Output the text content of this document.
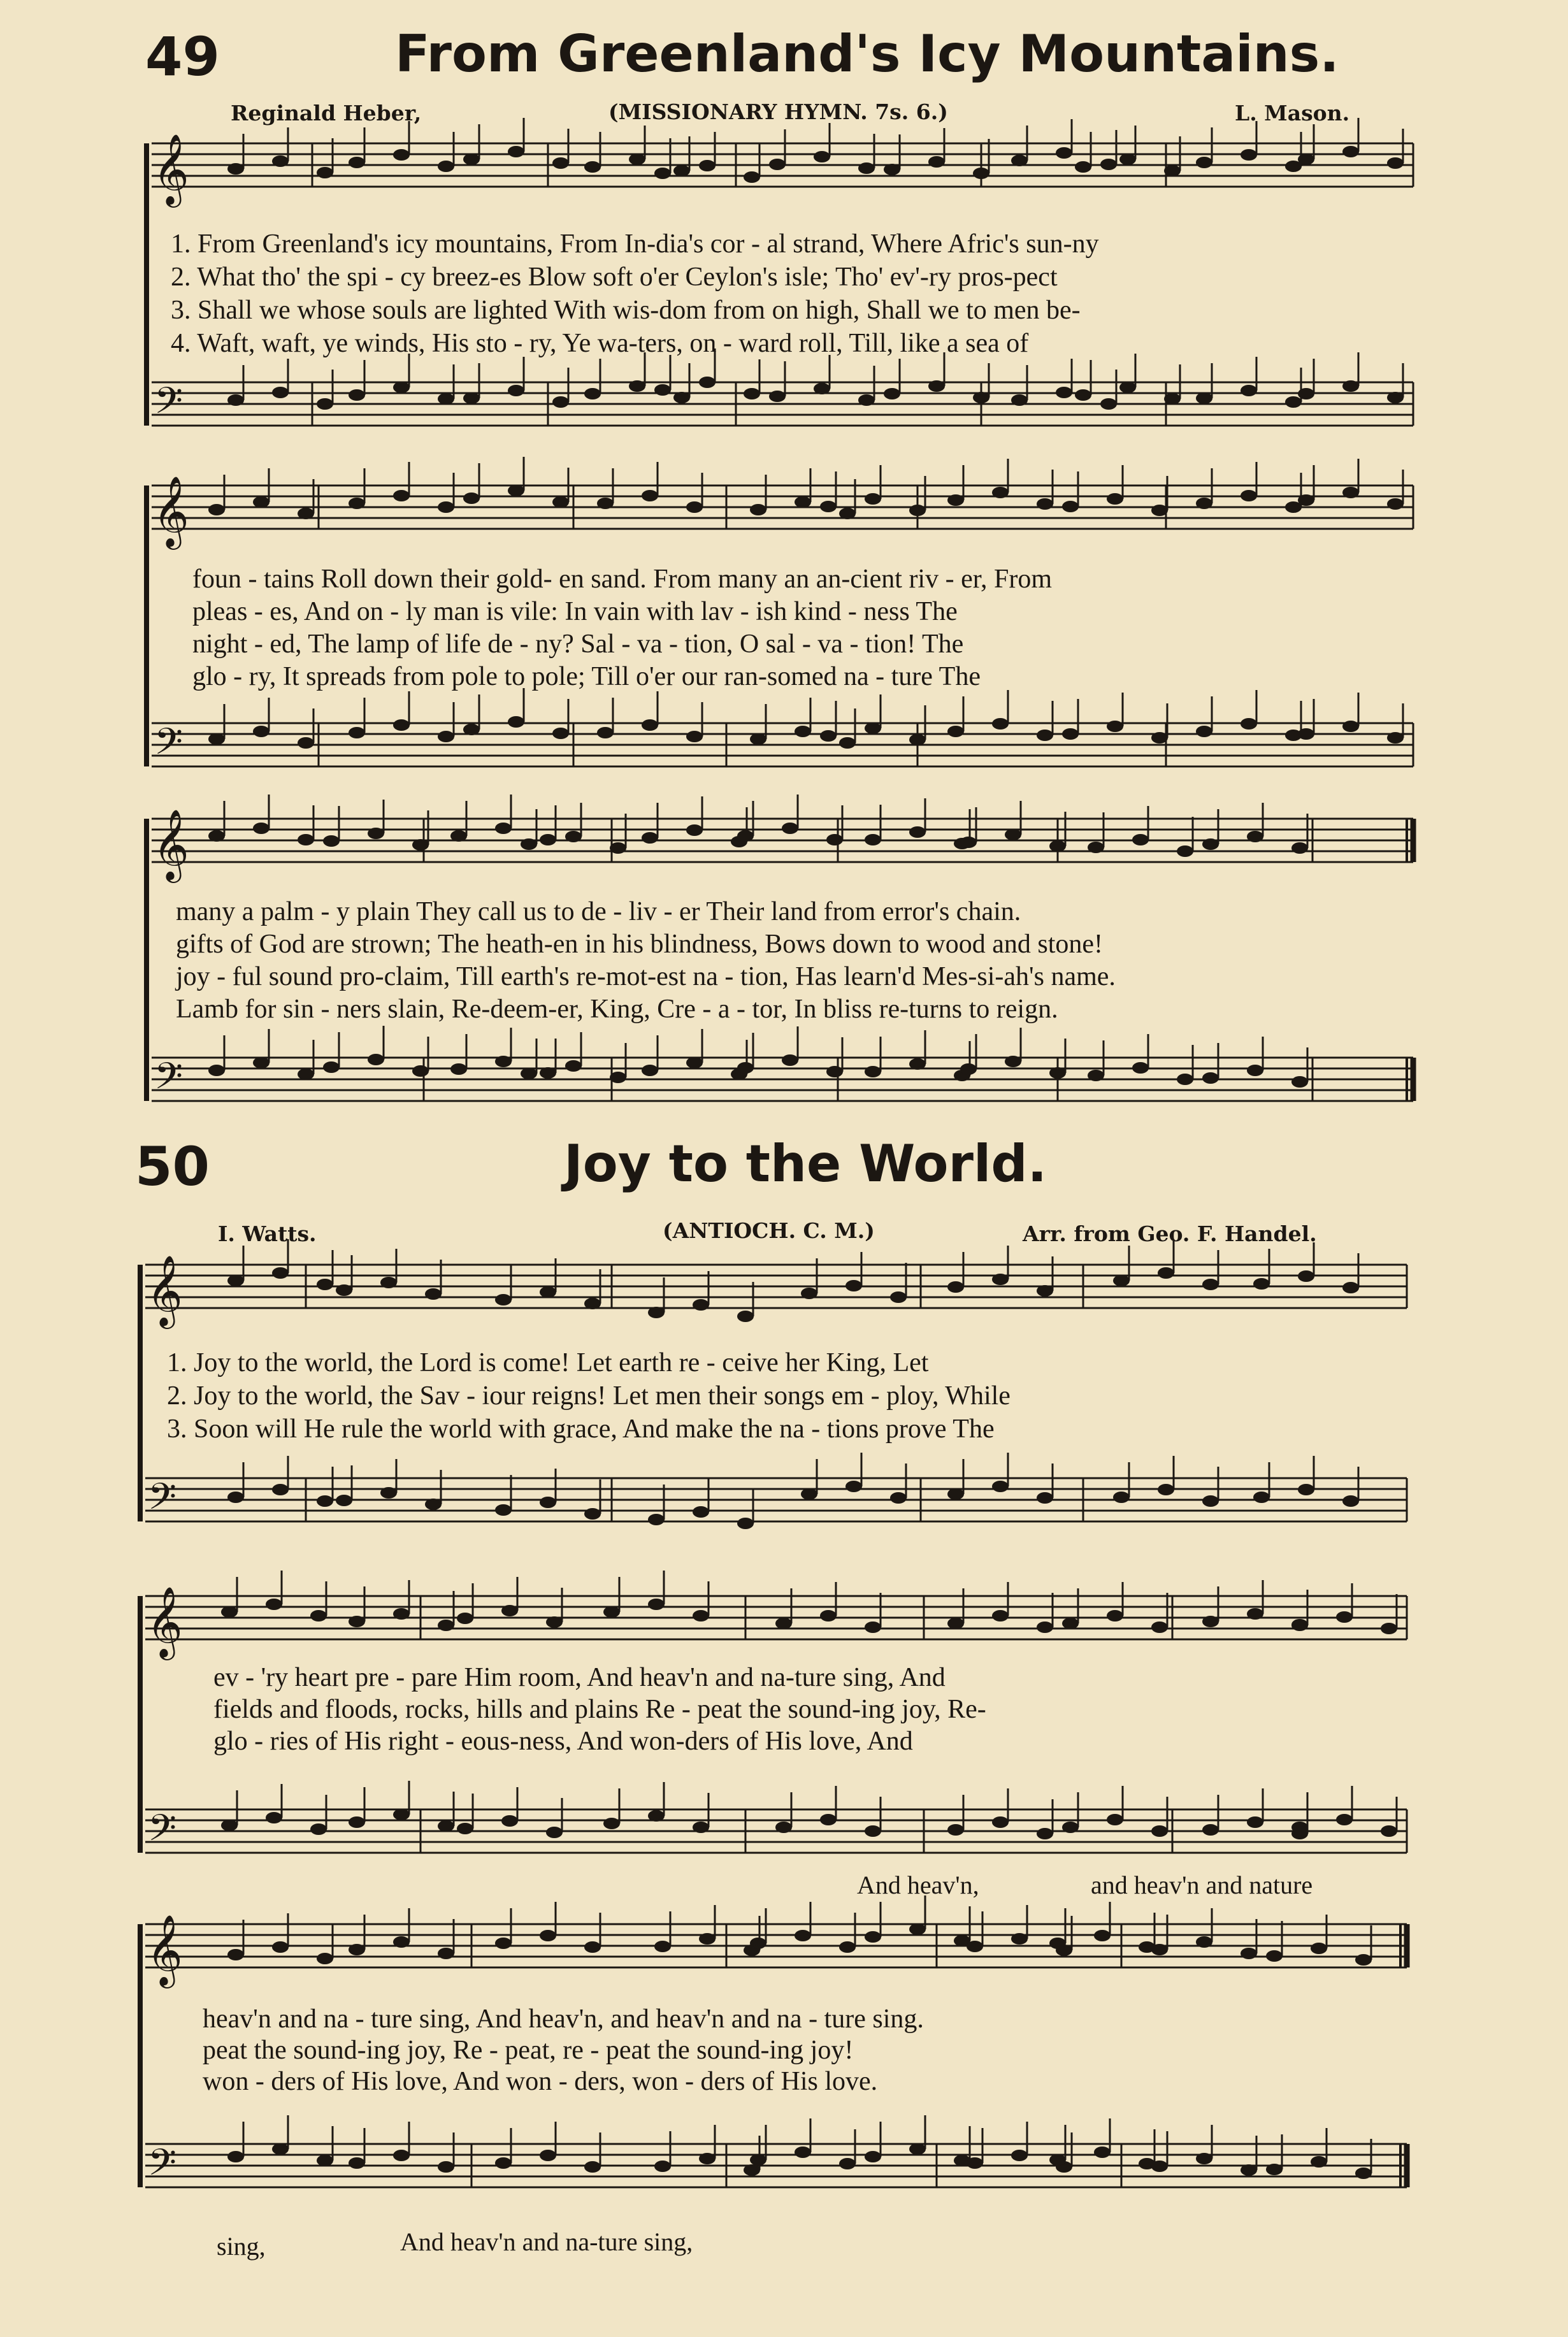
49	From Greenland's Icy Mountains.
Reginald Heber,	(MISSIONARY HYMN. 7s. 6.)	L. Mason.
𝄞
𝄢
𝄞
𝄢
𝄞
𝄢
𝄞
𝄢
𝄞
𝄢
𝄞
𝄢
1. From Greenland's icy mountains, From In-dia's cor - al strand, Where Afric's sun-ny
2. What tho' the spi - cy breez-es Blow soft o'er Ceylon's isle; Tho' ev'-ry pros-pect
3. Shall we whose souls are lighted With wis-dom from on high, Shall we to men be-
4. Waft, waft, ye winds, His sto - ry, Ye wa-ters, on - ward roll, Till, like a sea of
foun - tains Roll down their gold- en sand. From many an an-cient riv - er, From
pleas - es, And on - ly man is vile: In vain with lav - ish kind - ness The
night - ed, The lamp of life de - ny? Sal - va - tion, O sal - va - tion! The
glo - ry, It spreads from pole to pole; Till o'er our ran-somed na - ture The
many a palm - y plain They call us to de - liv - er Their land from error's chain.
gifts of God are strown; The heath-en in his blindness, Bows down to wood and stone!
joy - ful sound pro-claim, Till earth's re-mot-est na - tion, Has learn'd Mes-si-ah's name.
Lamb for sin - ners slain, Re-deem-er, King, Cre - a - tor, In bliss re-turns to reign.
50	Joy to the World.
I. Watts.	(ANTIOCH. C. M.)	Arr. from Geo. F. Handel.
1. Joy to the world, the Lord is come! Let earth re - ceive her King, Let
2. Joy to the world, the Sav - iour reigns! Let men their songs em - ploy, While
3. Soon will He rule the world with grace, And make the na - tions prove The
ev - 'ry heart pre - pare Him room, And heav'n and na-ture sing, And
fields and floods, rocks, hills and plains Re - peat the sound-ing joy, Re-
glo - ries of His right - eous-ness, And won-ders of His love, And
And heav'n,	and heav'n and nature
heav'n and na - ture sing, And heav'n, and heav'n and na - ture sing.
peat the sound-ing joy, Re - peat, re - peat the sound-ing joy!
won - ders of His love, And won - ders, won - ders of His love.
sing,	And heav'n and na-ture sing,
